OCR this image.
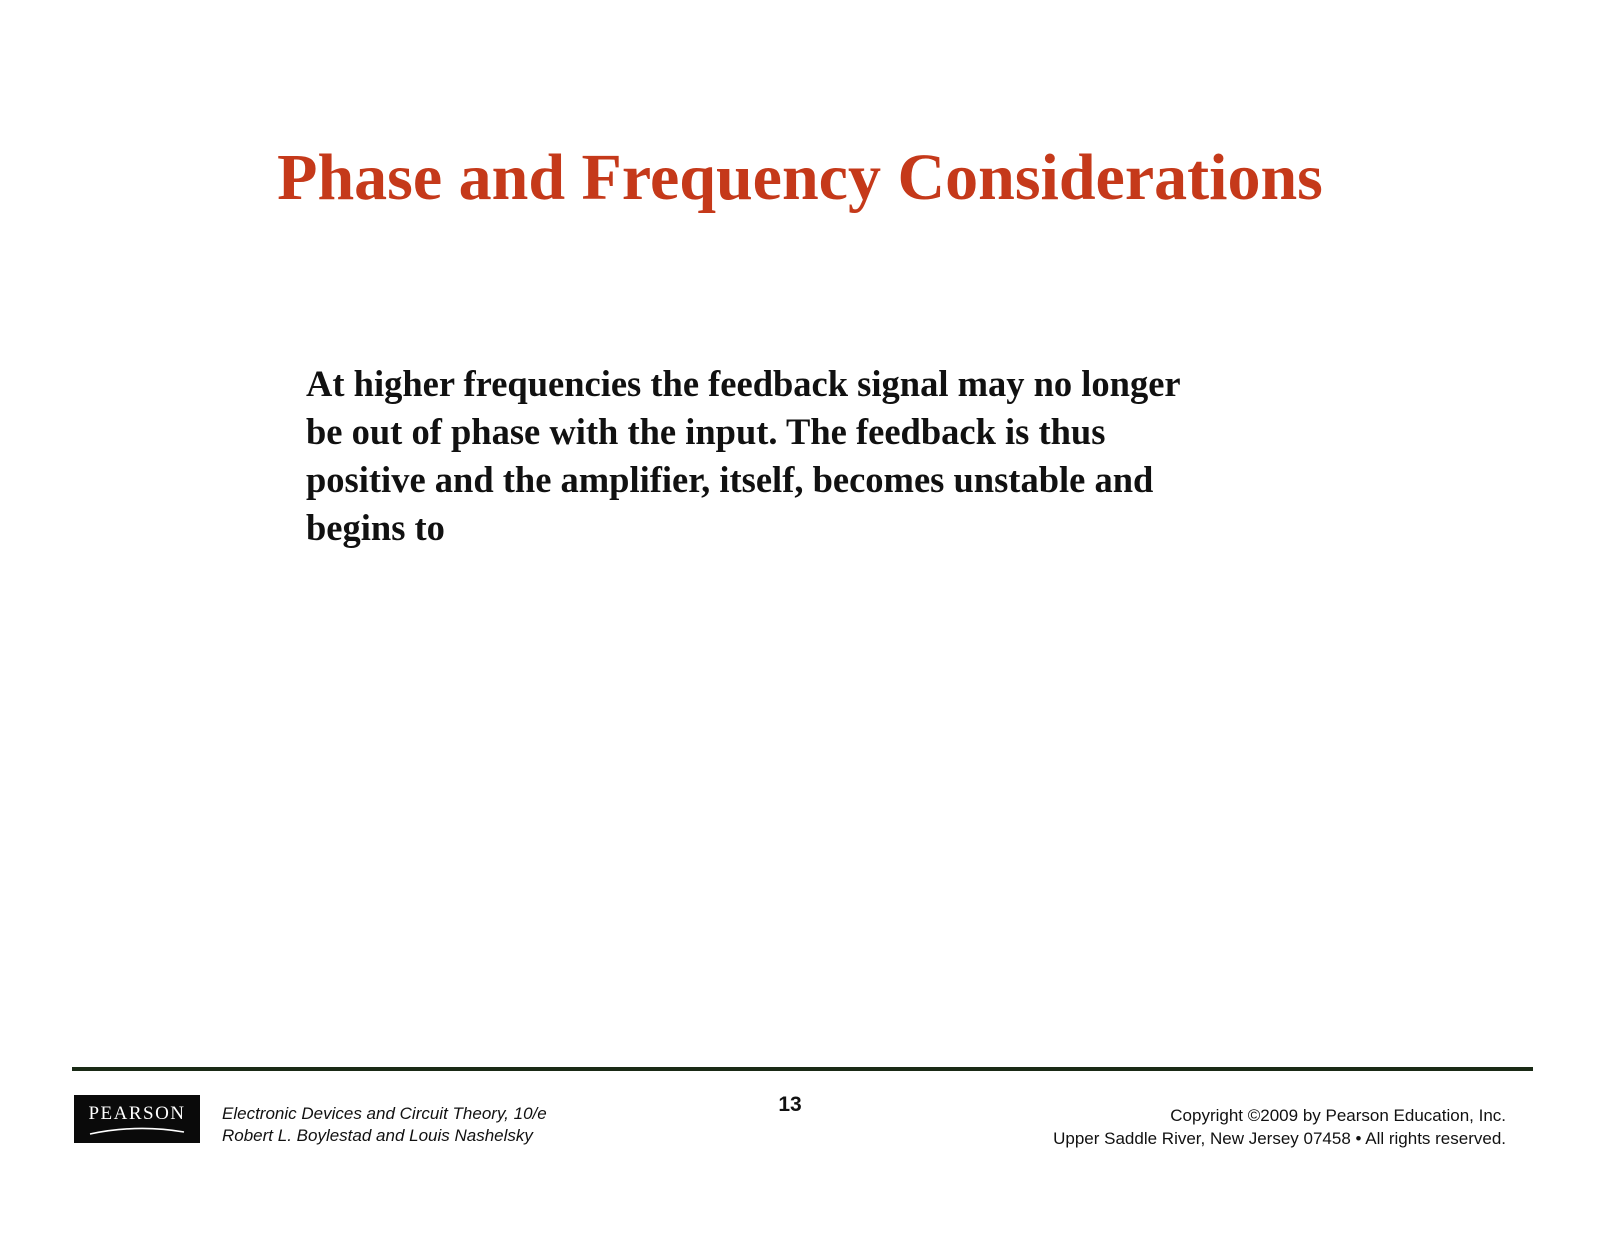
Phase and Frequency Considerations
At higher frequencies the feedback signal may no longer
be out of phase with the input. The feedback is thus
positive and the amplifier, itself, becomes unstable and
begins to
PEARSON	Electronic Devices and Circuit Theory, 10/e
Robert L. Boylestad and Louis Nashelsky
13	Copyright ©2009 by Pearson Education, Inc.
Upper Saddle River, New Jersey 07458 • All rights reserved.
